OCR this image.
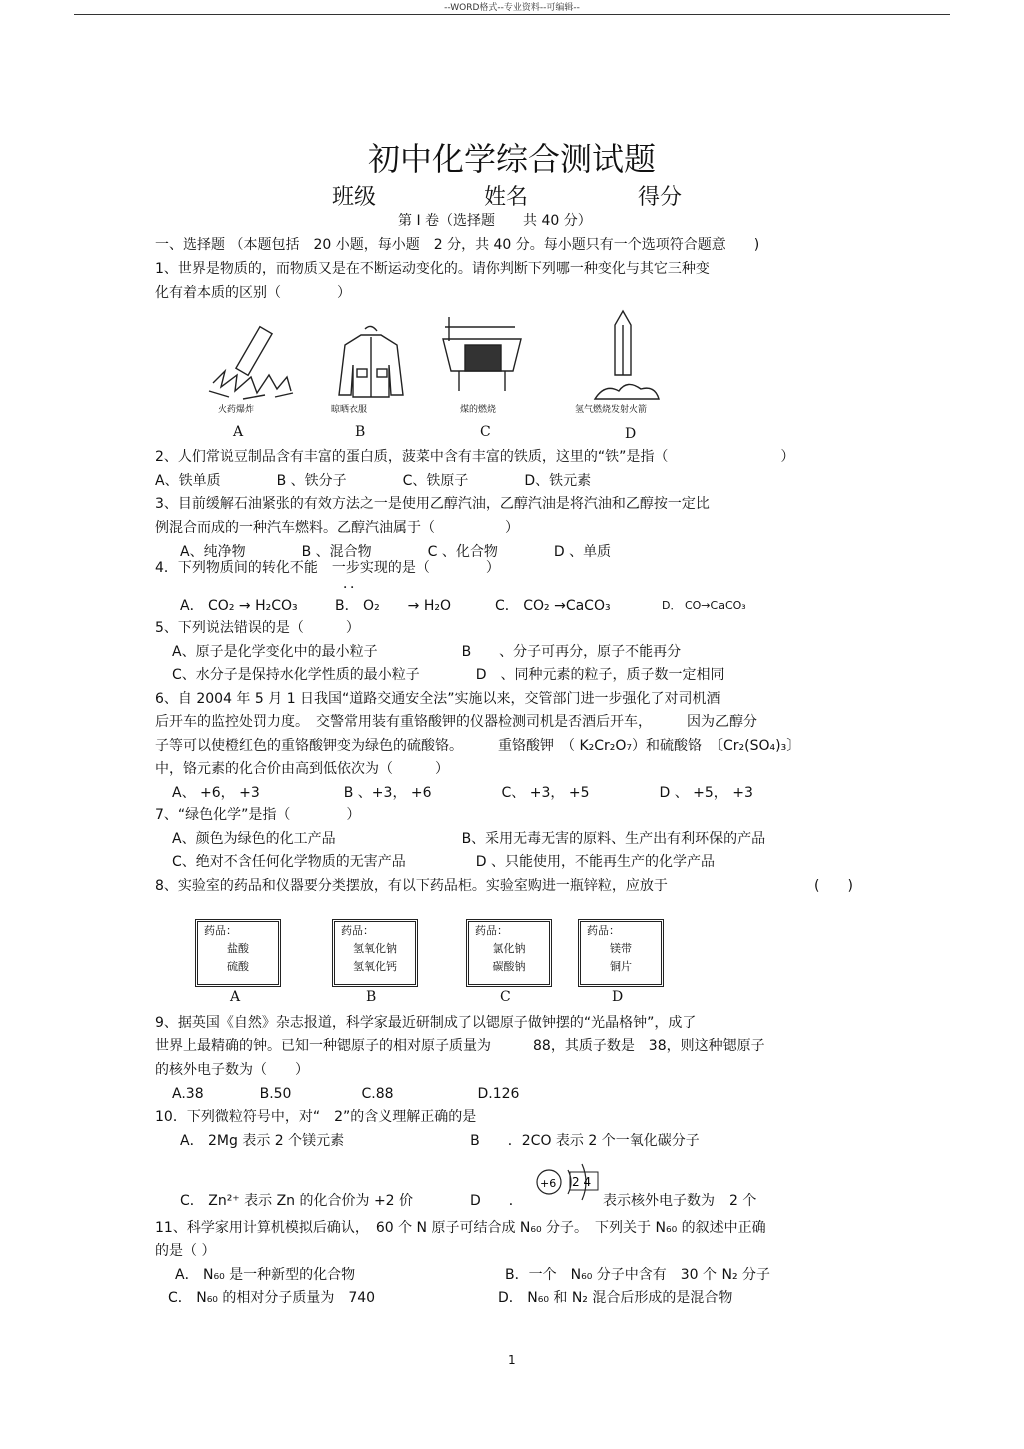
--WORD格式--专业资料--可编辑--
初中化学综合测试题
班级	姓名	得分
第 I 卷（选择题　　共 40 分）
一、选择题 （本题包括　20 小题，每小题　2 分，共 40 分。每小题只有一个选项符合题意　　)
1、世界是物质的，而物质又是在不断运动变化的。请你判断下列哪一种变化与其它三种变
化有着本质的区别（　　　　）
火药爆炸	晾晒衣服	煤的燃烧	氢气燃烧发射火箭
A	B	C	D
2、人们常说豆制品含有丰富的蛋白质，菠菜中含有丰富的铁质，这里的“铁”是指（　　　　　　　　）
A、铁单质　　　　B 、铁分子　　　　C、铁原子　　　　D、铁元素
3、目前缓解石油紧张的有效方法之一是使用乙醇汽油，乙醇汽油是将汽油和乙醇按一定比
例混合而成的一种汽车燃料。乙醇汽油属于（　　　　　）
A、纯净物　　　　B 、混合物　　　　C 、化合物　　　　D 、单质
4．下列物质间的转化不能　一步实现的是（　　　　）
．．
A． CO₂ → H₂CO₃	B． O₂　　→ H₂O	C． CO₂ →CaCO₃	D． CO→CaCO₃
5、下列说法错误的是（　　　）
A、原子是化学变化中的最小粒子　　　　　　B　　、分子可再分，原子不能再分
C、水分子是保持水化学性质的最小粒子　　　　D　、同种元素的粒子，质子数一定相同
6、自 2004 年 5 月 1 日我国“道路交通安全法”实施以来，交管部门进一步强化了对司机酒
后开车的监控处罚力度。　交警常用装有重铬酸钾的仪器检测司机是否酒后开车，　　　因为乙醇分
子等可以使橙红色的重铬酸钾变为绿色的硫酸铬。　　　重铬酸钾　（ K₂Cr₂O₇）和硫酸铬　〔Cr₂(SO₄)₃〕
中，铬元素的化合价由高到低依次为（　　　）
A、 +6， +3　　　　　　B 、+3， +6　　　　　C、 +3， +5　　　　　D 、 +5， +3
7、“绿色化学”是指（　　　　）
A、颜色为绿色的化工产品　　　　　　　　　B、采用无毒无害的原料、生产出有利环保的产品
C、绝对不含任何化学物质的无害产品　　　　　D 、只能使用，不能再生产的化学产品
8、实验室的药品和仪器要分类摆放，有以下药品柜。实验室购进一瓶锌粒，应放于	(　　)
药品：
盐酸
硫酸
药品：
氢氧化钠
氢氧化钙
药品：
氯化钠
碳酸钠
药品：
镁带
铜片
A	B	C	D
9、据英国《自然》杂志报道，科学家最近研制成了以锶原子做钟摆的“光晶格钟”，成了
世界上最精确的钟。已知一种锶原子的相对原子质量为　　　88，其质子数是　38，则这种锶原子
的核外电子数为（　　）
A.38　　　　B.50　　　　　C.88　　　　　　D.126
10．下列微粒符号中，对“　2”的含义理解正确的是
A． 2Mg 表示 2 个镁元素　　　　　　　　　B　　．2CO 表示 2 个一氧化碳分子
C． Zn²⁺ 表示 Zn 的化合价为 +2 价	D　　．
+6 2 4
表示核外电子数为　2 个
11、科学家用计算机模拟后确认，　60 个 N 原子可结合成 N₆₀ 分子。　下列关于 N₆₀ 的叙述中正确
的是（ ）
A． N₆₀ 是一种新型的化合物	B．一个　N₆₀ 分子中含有　30 个 N₂ 分子
C． N₆₀ 的相对分子质量为　740	D． N₆₀ 和 N₂ 混合后形成的是混合物
1
